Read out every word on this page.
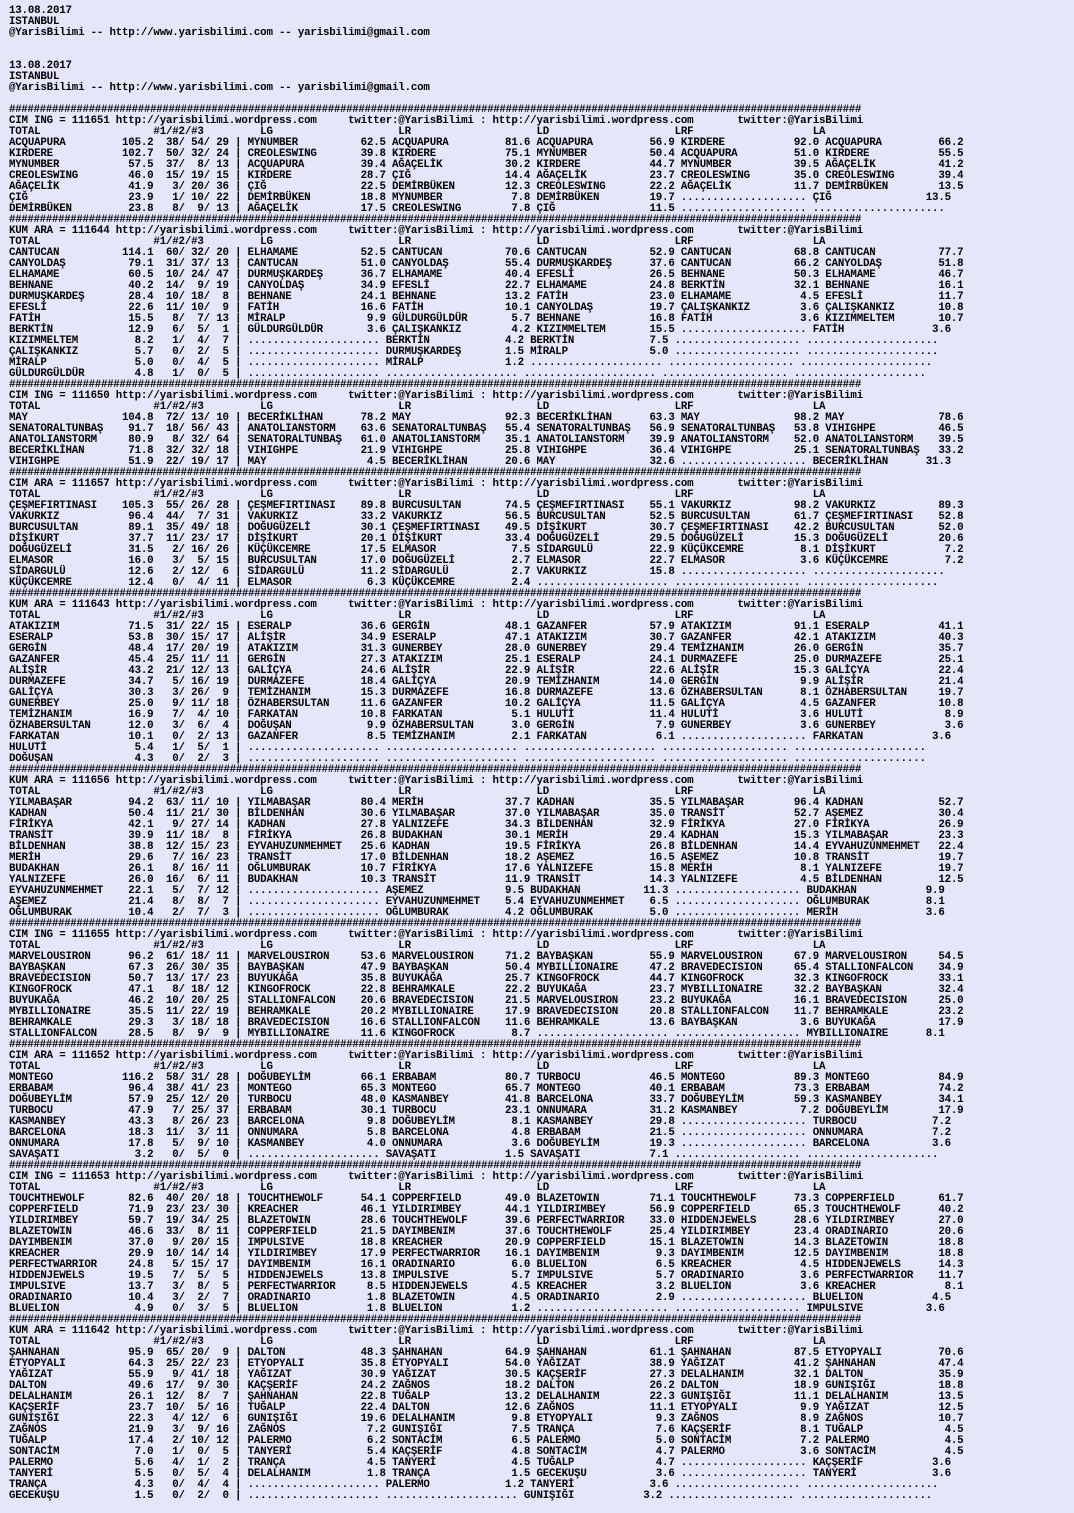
13.08.2017
ISTANBUL
@YarisBilimi -- http://www.yarisbilimi.com -- yarisbilimi@gmail.com
13.08.2017
ISTANBUL
@YarisBilimi -- http://www.yarisbilimi.com -- yarisbilimi@gmail.com
###########################################################################################################################################
CIM ING = 111651 http://yarisbilimi.wordpress.com     twitter:@YarisBilimi : http://yarisbilimi.wordpress.com       twitter:@YarisBilimi
TOTAL                  #1/#2/#3         LG                    LR                    LD                    LRF                   LA
ACQUAPURA         105.2  38/ 54/ 29 | MYNUMBER          62.5 ACQUAPURA         81.6 ACQUAPURA         56.9 KIRDERE           92.0 ACQUAPURA         66.2
KIRDERE           102.7  50/ 32/ 24 | CREOLESWING       39.8 KIRDERE           75.1 MYNUMBER          50.4 ACQUAPURA         51.0 KIRDERE           55.5
MYNUMBER           57.5  37/  8/ 13 | ACQUAPURA         39.4 AĞAÇELİK          30.2 KIRDERE           44.7 MYNUMBER          39.5 AĞAÇELİK          41.2
CREOLESWING        46.0  15/ 19/ 15 | KIRDERE           28.7 ÇIĞ               14.4 AĞAÇELİK          23.7 CREOLESWING       35.0 CREOLESWING       39.4
AĞAÇELİK           41.9   3/ 20/ 36 | ÇIĞ               22.5 DEMİRBÜKEN        12.3 CREOLESWING       22.2 AĞAÇELİK          11.7 DEMİRBÜKEN        13.5
ÇIĞ                23.9   1/ 10/ 22 | DEMİRBÜKEN        18.8 MYNUMBER           7.8 DEMİRBÜKEN        19.7 .................... ÇIĞ               13.5
DEMİRBÜKEN         23.8   8/  9/ 13 | AĞAÇELİK          17.5 CREOLESWING        7.8 ÇIĞ               11.5 .................... .....................
###########################################################################################################################################
KUM ARA = 111644 http://yarisbilimi.wordpress.com     twitter:@YarisBilimi : http://yarisbilimi.wordpress.com       twitter:@YarisBilimi
TOTAL                  #1/#2/#3         LG                    LR                    LD                    LRF                   LA
CANTUCAN          114.1  60/ 32/ 20 | ELHAMAME          52.5 CANTUCAN          70.6 CANTUCAN          52.9 CANTUCAN          68.8 CANTUCAN          77.7
CANYOLDAŞ          79.1  31/ 37/ 13 | CANTUCAN          51.0 CANYOLDAŞ         55.4 DURMUŞKARDEŞ      37.6 CANTUCAN          66.2 CANYOLDAŞ         51.8
ELHAMAME           60.5  10/ 24/ 47 | DURMUŞKARDEŞ      36.7 ELHAMAME          40.4 EFESLİ            26.5 BEHNANE           50.3 ELHAMAME          46.7
BEHNANE            40.2  14/  9/ 19 | CANYOLDAŞ         34.9 EFESLİ            22.7 ELHAMAME          24.8 BERKTİN           32.1 BEHNANE           16.1
DURMUŞKARDEŞ       28.4  10/ 18/  8 | BEHNANE           24.1 BEHNANE           13.2 FATİH             23.0 ELHAMAME           4.5 EFESLİ            11.7
EFESLİ             22.6  11/ 10/  9 | FATİH             16.6 FATİH             10.1 CANYOLDAŞ         19.7 ÇALIŞKANKIZ        3.6 ÇALIŞKANKIZ       10.8
FATİH              15.5   8/  7/ 13 | MİRALP             9.9 GÜLDURGÜLDÜR       5.7 BEHNANE           16.8 FATİH              3.6 KIZIMMELTEM       10.7
BERKTİN            12.9   6/  5/  1 | GÜLDURGÜLDÜR       3.6 ÇALIŞKANKIZ        4.2 KIZIMMELTEM       15.5 .................... FATİH              3.6
KIZIMMELTEM         8.2   1/  4/  7 | ..................... BERKTİN            4.2 BERKTİN            7.5 .................... .....................
ÇALIŞKANKIZ         5.7   0/  2/  5 | ..................... DURMUŞKARDEŞ       1.5 MİRALP             5.0 .................... .....................
MİRALP              5.0   0/  4/  5 | ..................... MİRALP             1.2 ..................... .................... .....................
GÜLDURGÜLDÜR        4.8   1/  0/  5 | ..................... ..................... ..................... .................... .....................
###########################################################################################################################################
CIM ING = 111650 http://yarisbilimi.wordpress.com     twitter:@YarisBilimi : http://yarisbilimi.wordpress.com       twitter:@YarisBilimi
TOTAL                  #1/#2/#3         LG                    LR                    LD                    LRF                   LA
MAY               104.8  72/ 13/ 10 | BECERİKLİHAN      78.2 MAY               92.3 BECERİKLİHAN      63.3 MAY               98.2 MAY               78.6
SENATORALTUNBAŞ    91.7  18/ 56/ 43 | ANATOLIANSTORM    63.6 SENATORALTUNBAŞ   55.4 SENATORALTUNBAŞ   56.9 SENATORALTUNBAŞ   53.8 VIHIGHPE          46.5
ANATOLIANSTORM     80.9   8/ 32/ 64 | SENATORALTUNBAŞ   61.0 ANATOLIANSTORM    35.1 ANATOLIANSTORM    39.9 ANATOLIANSTORM    52.0 ANATOLIANSTORM    39.5
BECERİKLİHAN       71.8  32/ 32/ 18 | VIHIGHPE          21.9 VIHIGHPE          25.8 VIHIGHPE          36.4 VIHIGHPE          25.1 SENATORALTUNBAŞ   33.2
VIHIGHPE           51.9  22/ 19/ 17 | MAY                4.5 BECERİKLİHAN      20.6 MAY               32.6 .................... BECERİKLİHAN      31.3
###########################################################################################################################################
CIM ARA = 111657 http://yarisbilimi.wordpress.com     twitter:@YarisBilimi : http://yarisbilimi.wordpress.com       twitter:@YarisBilimi
TOTAL                  #1/#2/#3         LG                    LR                    LD                    LRF                   LA
ÇEŞMEFIRTINASI    105.3  55/ 26/ 28 | ÇEŞMEFIRTINASI    89.8 BURCUSULTAN       74.5 ÇEŞMEFIRTINASI    55.1 VAKURKIZ          98.2 VAKURKIZ          89.3
VAKURKIZ           96.4  44/  7/ 31 | VAKURKIZ          33.2 VAKURKIZ          56.5 BURCUSULTAN       52.5 BURCUSULTAN       61.7 ÇEŞMEFIRTINASI    52.8
BURCUSULTAN        89.1  35/ 49/ 18 | DOĞUGÜZELİ        30.1 ÇEŞMEFIRTINASI    49.5 DİŞİKURT          30.7 ÇEŞMEFIRTINASI    42.2 BURCUSULTAN       52.0
DİŞİKURT           37.7  11/ 23/ 17 | DİŞİKURT          20.1 DİŞİKURT          33.4 DOĞUGÜZELİ        29.5 DOĞUGÜZELİ        15.3 DOĞUGÜZELİ        20.6
DOĞUGÜZELİ         31.5   2/ 16/ 26 | KÜÇÜKCEMRE        17.5 ELMASOR            7.5 SİDARGULÜ         22.9 KÜÇÜKCEMRE         8.1 DİŞİKURT           7.2
ELMASOR            16.0   3/  5/ 15 | BURCUSULTAN       17.0 DOĞUGÜZELİ         2.7 ELMASOR           22.7 ELMASOR            3.6 KÜÇÜKCEMRE         7.2
SİDARGULÜ          12.6   2/ 12/  6 | SİDARGULÜ         11.2 SİDARGULÜ          2.7 VAKURKIZ          15.8 .................... .....................
KÜÇÜKCEMRE         12.4   0/  4/ 11 | ELMASOR            6.3 KÜÇÜKCEMRE         2.4 ..................... .................... .....................
###########################################################################################################################################
KUM ARA = 111643 http://yarisbilimi.wordpress.com     twitter:@YarisBilimi : http://yarisbilimi.wordpress.com       twitter:@YarisBilimi
TOTAL                  #1/#2/#3         LG                    LR                    LD                    LRF                   LA
ATAKIZIM           71.5  31/ 22/ 15 | ESERALP           36.6 GERGİN            48.1 GAZANFER          57.9 ATAKIZIM          91.1 ESERALP           41.1
ESERALP            53.8  30/ 15/ 17 | ALİŞİR            34.9 ESERALP           47.1 ATAKIZIM          30.7 GAZANFER          42.1 ATAKIZIM          40.3
GERGİN             48.4  17/ 20/ 19 | ATAKIZIM          31.3 GUNERBEY          28.0 GUNERBEY          29.4 TEMİZHANIM        26.0 GERGİN            35.7
GAZANFER           45.4  25/ 11/ 11 | GERGİN            27.3 ATAKIZIM          25.1 ESERALP           24.1 DURMAZEFE         25.0 DURMAZEFE         25.1
ALİŞİR             43.2  21/ 12/ 13 | GALİÇYA           24.6 ALİŞİR            22.9 ALİŞİR            22.6 ALİŞİR            15.3 GALİÇYA           22.4
DURMAZEFE          34.7   5/ 16/ 19 | DURMAZEFE         18.4 GALİÇYA           20.9 TEMİZHANIM        14.0 GERGİN             9.9 ALİŞİR            21.4
GALİÇYA            30.3   3/ 26/  9 | TEMİZHANIM        15.3 DURMAZEFE         16.8 DURMAZEFE         13.6 ÖZHABERSULTAN      8.1 ÖZHABERSULTAN     19.7
GUNERBEY           25.0   9/ 11/ 18 | ÖZHABERSULTAN     11.6 GAZANFER          10.2 GALİÇYA           11.5 GALİÇYA            4.5 GAZANFER          10.8
TEMİZHANIM         16.9   7/  4/ 10 | FARKATAN          10.8 FARKATAN           5.1 HULUTİ            11.4 HULUTİ             3.6 HULUTİ             8.9
ÖZHABERSULTAN      12.0   3/  6/  4 | DOĞUŞAN            9.9 ÖZHABERSULTAN      3.0 GERGİN             7.9 GUNERBEY           3.6 GUNERBEY           3.6
FARKATAN           10.1   0/  2/ 13 | GAZANFER           8.5 TEMİZHANIM         2.1 FARKATAN           6.1 .................... FARKATAN           3.6
HULUTİ              5.4   1/  5/  1 | ..................... ..................... ..................... .................... .....................
DOĞUŞAN             4.3   0/  2/  3 | ..................... ..................... ..................... .................... .....................
###########################################################################################################################################
KUM ARA = 111656 http://yarisbilimi.wordpress.com     twitter:@YarisBilimi : http://yarisbilimi.wordpress.com       twitter:@YarisBilimi
TOTAL                  #1/#2/#3         LG                    LR                    LD                    LRF                   LA
YILMABAŞAR         94.2  63/ 11/ 10 | YILMABAŞAR        80.4 MERİH             37.7 KADHAN            35.5 YILMABAŞAR        96.4 KADHAN            52.7
KADHAN             50.4  11/ 21/ 30 | BİLDENHAN         30.6 YILMABAŞAR        37.0 YILMABAŞAR        35.0 TRANSİT           52.7 AŞEMEZ            30.4
FİRİKYA            42.1   9/ 27/ 14 | KADHAN            27.8 YALNIZEFE         34.3 BİLDENHAN         32.9 FİRİKYA           27.0 FİRİKYA           26.9
TRANSİT            39.9  11/ 18/  8 | FİRİKYA           26.8 BUDAKHAN          30.1 MERİH             29.4 KADHAN            15.3 YILMABAŞAR        23.3
BİLDENHAN          38.8  12/ 15/ 23 | EYVAHUZUNMEHMET   25.6 KADHAN            19.5 FİRİKYA           26.8 BİLDENHAN         14.4 EYVAHUZUNMEHMET   22.4
MERİH              29.6   7/ 16/ 23 | TRANSİT           17.0 BİLDENHAN         18.2 AŞEMEZ            16.5 AŞEMEZ            10.8 TRANSİT           19.7
BUDAKHAN           26.1   8/ 16/ 11 | OĞLUMBURAK        10.7 FİRİKYA           17.6 YALNIZEFE         15.8 MERİH              8.1 YALNIZEFE         19.7
YALNIZEFE          26.0  16/  6/ 11 | BUDAKHAN          10.3 TRANSİT           11.9 TRANSİT           14.3 YALNIZEFE          4.5 BİLDENHAN         12.5
EYVAHUZUNMEHMET    22.1   5/  7/ 12 | ..................... AŞEMEZ             9.5 BUDAKHAN          11.3 .................... BUDAKHAN           9.9
AŞEMEZ             21.4   8/  8/  7 | ..................... EYVAHUZUNMEHMET    5.4 EYVAHUZUNMEHMET    6.5 .................... OĞLUMBURAK         8.1
OĞLUMBURAK         10.4   2/  7/  3 | ..................... OĞLUMBURAK         4.2 OĞLUMBURAK         5.0 .................... MERİH              3.6
###########################################################################################################################################
CIM ING = 111655 http://yarisbilimi.wordpress.com     twitter:@YarisBilimi : http://yarisbilimi.wordpress.com       twitter:@YarisBilimi
TOTAL                  #1/#2/#3         LG                    LR                    LD                    LRF                   LA
MARVELOUSIRON      96.2  61/ 18/ 11 | MARVELOUSIRON     53.6 MARVELOUSIRON     71.2 BAYBAŞKAN         55.9 MARVELOUSIRON     67.9 MARVELOUSIRON     54.5
BAYBAŞKAN          67.3  26/ 30/ 35 | BAYBAŞKAN         47.9 BAYBAŞKAN         50.4 MYBILLIONAIRE     47.2 BRAVEDECISION     65.4 STALLIONFALCON    34.9
BRAVEDECISION      50.7  13/ 17/ 23 | BUYUKAĞA          35.8 BUYUKAĞA          25.7 KINGOFROCK        44.7 KINGOFROCK        32.3 KINGOFROCK        33.1
KINGOFROCK         47.1   8/ 18/ 12 | KINGOFROCK        22.8 BEHRAMKALE        22.2 BUYUKAĞA          23.7 MYBILLIONAIRE     32.2 BAYBAŞKAN         32.4
BUYUKAĞA           46.2  10/ 20/ 25 | STALLIONFALCON    20.6 BRAVEDECISION     21.5 MARVELOUSIRON     23.2 BUYUKAĞA          16.1 BRAVEDECISION     25.0
MYBILLIONAIRE      35.5  11/ 22/ 19 | BEHRAMKALE        20.2 MYBILLIONAIRE     17.9 BRAVEDECISION     20.8 STALLIONFALCON    11.7 BEHRAMKALE        23.2
BEHRAMKALE         29.3   3/ 18/ 18 | BRAVEDECISION     16.6 STALLIONFALCON    11.6 BEHRAMKALE        13.6 BAYBAŞKAN          3.6 BUYUKAĞA          17.9
STALLIONFALCON     28.5   8/  9/  9 | MYBILLIONAIRE     11.6 KINGOFROCK         8.7 ..................... .................... MYBILLIONAIRE      8.1
###########################################################################################################################################
CIM ARA = 111652 http://yarisbilimi.wordpress.com     twitter:@YarisBilimi : http://yarisbilimi.wordpress.com       twitter:@YarisBilimi
TOTAL                  #1/#2/#3         LG                    LR                    LD                    LRF                   LA
MONTEGO           116.2  58/ 31/ 28 | DOĞUBEYLİM        66.1 ERBABAM           80.7 TURBOCU           46.5 MONTEGO           89.3 MONTEGO           84.9
ERBABAM            96.4  38/ 41/ 23 | MONTEGO           65.3 MONTEGO           65.7 MONTEGO           40.1 ERBABAM           73.3 ERBABAM           74.2
DOĞUBEYLİM         57.9  25/ 12/ 20 | TURBOCU           48.0 KASMANBEY         41.8 BARCELONA         33.7 DOĞUBEYLİM        59.3 KASMANBEY         34.1
TURBOCU            47.9   7/ 25/ 37 | ERBABAM           30.1 TURBOCU           23.1 ONNUMARA          31.2 KASMANBEY          7.2 DOĞUBEYLİM        17.9
KASMANBEY          43.3   8/ 26/ 23 | BARCELONA          9.8 DOĞUBEYLİM         8.1 KASMANBEY         29.8 .................... TURBOCU            7.2
BARCELONA          18.3  11/  3/ 11 | ONNUMARA           5.8 BARCELONA          4.8 ERBABAM           21.5 .................... ONNUMARA           7.2
ONNUMARA           17.8   5/  9/ 10 | KASMANBEY          4.0 ONNUMARA           3.6 DOĞUBEYLİM        19.3 .................... BARCELONA          3.6
SAVAŞATI            3.2   0/  5/  0 | ..................... SAVAŞATI           1.5 SAVAŞATI           7.1 .................... .....................
###########################################################################################################################################
CIM ING = 111653 http://yarisbilimi.wordpress.com     twitter:@YarisBilimi : http://yarisbilimi.wordpress.com       twitter:@YarisBilimi
TOTAL                  #1/#2/#3         LG                    LR                    LD                    LRF                   LA
TOUCHTHEWOLF       82.6  40/ 20/ 18 | TOUCHTHEWOLF      54.1 COPPERFIELD       49.0 BLAZETOWIN        71.1 TOUCHTHEWOLF      73.3 COPPERFIELD       61.7
COPPERFIELD        71.9  23/ 23/ 30 | KREACHER          46.1 YILDIRIMBEY       44.1 YILDIRIMBEY       56.9 COPPERFIELD       65.3 TOUCHTHEWOLF      40.2
YILDIRIMBEY        59.7  19/ 34/ 25 | BLAZETOWIN        28.6 TOUCHTHEWOLF      39.6 PERFECTWARRIOR    33.0 HIDDENJEWELS      28.6 YILDIRIMBEY       27.0
BLAZETOWIN         46.6  33/  8/ 11 | COPPERFIELD       21.5 DAYIMBENIM        37.6 TOUCHTHEWOLF      25.4 YILDIRIMBEY       23.4 ORADINARIO        20.6
DAYIMBENIM         37.0   9/ 20/ 15 | IMPULSIVE         18.8 KREACHER          20.9 COPPERFIELD       15.1 BLAZETOWIN        14.3 BLAZETOWIN        18.8
KREACHER           29.9  10/ 14/ 14 | YILDIRIMBEY       17.9 PERFECTWARRIOR    16.1 DAYIMBENIM         9.3 DAYIMBENIM        12.5 DAYIMBENIM        18.8
PERFECTWARRIOR     24.8   5/ 15/ 17 | DAYIMBENIM        16.1 ORADINARIO         6.0 BLUELION           6.5 KREACHER           4.5 HIDDENJEWELS      14.3
HIDDENJEWELS       19.5   7/  5/  5 | HIDDENJEWELS      13.8 IMPULSIVE          5.7 IMPULSIVE          5.7 ORADINARIO         3.6 PERFECTWARRIOR    11.7
IMPULSIVE          13.7   3/  8/  5 | PERFECTWARRIOR     8.5 HIDDENJEWELS       4.5 KREACHER           3.2 BLUELION           3.6 KREACHER           8.1
ORADINARIO         10.4   3/  2/  7 | ORADINARIO         1.8 BLAZETOWIN         4.5 ORADINARIO         2.9 .................... BLUELION           4.5
BLUELION            4.9   0/  3/  5 | BLUELION           1.8 BLUELION           1.2 ..................... .................... IMPULSIVE          3.6
###########################################################################################################################################
KUM ARA = 111642 http://yarisbilimi.wordpress.com     twitter:@YarisBilimi : http://yarisbilimi.wordpress.com       twitter:@YarisBilimi
TOTAL                  #1/#2/#3         LG                    LR                    LD                    LRF                   LA
ŞAHNAHAN           95.9  65/ 20/  9 | DALTON            48.3 ŞAHNAHAN          64.9 ŞAHNAHAN          61.1 ŞAHNAHAN          87.5 ETYOPYALI         70.6
ETYOPYALI          64.3  25/ 22/ 23 | ETYOPYALI         35.8 ETYOPYALI         54.0 YAĞIZAT           38.9 YAĞIZAT           41.2 ŞAHNAHAN          47.4
YAĞIZAT            55.9   9/ 41/ 18 | YAĞIZAT           30.9 YAĞIZAT           30.5 KAÇŞERİF          27.3 DELALHANIM        32.1 DALTON            35.9
DALTON             49.6  17/  9/ 30 | KAÇŞERİF          24.2 ZAĞNOS            18.2 DALTON            26.2 DALTON            18.9 GUNIŞIĞI          18.8
DELALHANIM         26.1  12/  8/  7 | ŞAHNAHAN          22.8 TUĞALP            13.2 DELALHANIM        22.3 GUNIŞIĞI          11.1 DELALHANIM        13.5
KAÇŞERİF           23.7  10/  5/ 16 | TUĞALP            22.4 DALTON            12.6 ZAĞNOS            11.1 ETYOPYALI          9.9 YAĞIZAT           12.5
GUNIŞIĞI           22.3   4/ 12/  6 | GUNIŞIĞI          19.6 DELALHANIM         9.8 ETYOPYALI          9.3 ZAĞNOS             8.9 ZAĞNOS            10.7
ZAĞNOS             21.9   3/  9/ 16 | ZAĞNOS             7.2 GUNIŞIĞI           7.5 TRANÇA             7.6 KAÇŞERİF           8.1 TUĞALP             4.5
TUĞALP             17.4   2/ 10/ 12 | PALERMO            6.2 SONTACİM           6.5 PALERMO            5.0 SONTACİM           7.2 PALERMO            4.5
SONTACİM            7.0   1/  0/  5 | TANYERİ            5.4 KAÇŞERİF           4.8 SONTACİM           4.7 PALERMO            3.6 SONTACİM           4.5
PALERMO             5.6   4/  1/  2 | TRANÇA             4.5 TANYERİ            4.5 TUĞALP             4.7 .................... KAÇŞERİF           3.6
TANYERİ             5.5   0/  5/  4 | DELALHANIM         1.8 TRANÇA             1.5 GECEKUŞU           3.6 .................... TANYERİ            3.6
TRANÇA              4.3   0/  4/  4 | ..................... PALERMO            1.2 TANYERİ            3.6 .................... .....................
GECEKUŞU            1.5   0/  2/  0 | ..................... ..................... GUNIŞIĞI           3.2 .................... .....................
